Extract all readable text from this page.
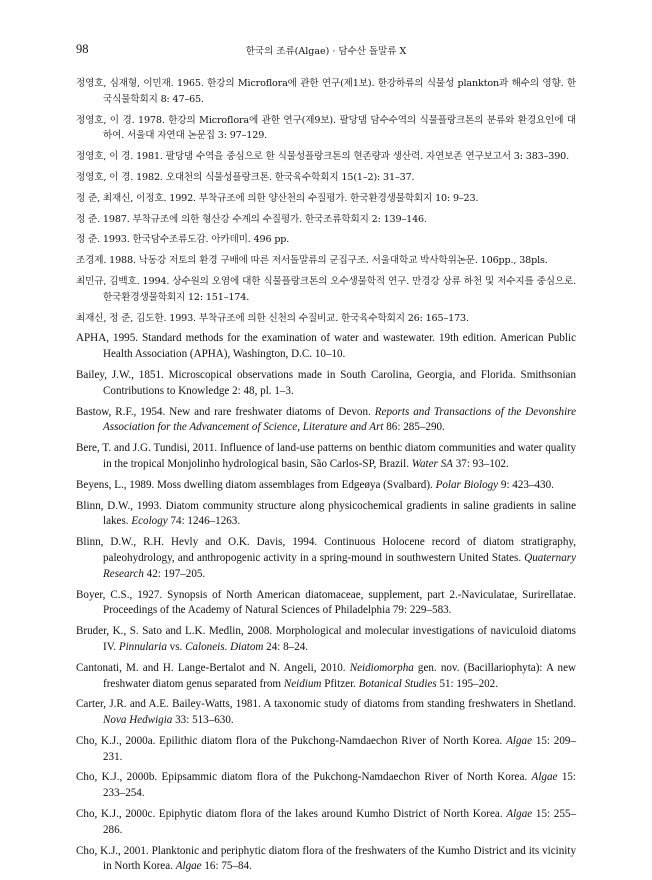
98	한국의 조류(Algae) · 담수산 돌말류 X

정영호, 심재형, 이민재. 1965. 한강의 Microflora에 관한 연구(제1보). 한강하류의 식물성 plankton과 해수의 영향. 한국식물학회지 8: 47–65.

정영호, 이 경. 1978. 한강의 Microflora에 관한 연구(제9보). 팔당댐 담수수역의 식물플랑크톤의 분류와 환경요인에 대하여. 서울대 자연대 논문집 3: 97–129.

정영호, 이 경. 1981. 팔당댐 수역을 중심으로 한 식물성플랑크톤의 현존량과 생산력. 자연보존 연구보고서 3: 383–390.

정영호, 이 경. 1982. 오대천의 식물성플랑크톤. 한국육수학회지 15(1–2): 31–37.

정 준, 최재신, 이정호. 1992. 부착규조에 의한 양산천의 수질평가. 한국환경생물학회지 10: 9–23.

정 준. 1987. 부착규조에 의한 형산강 수계의 수질평가. 한국조류학회지 2: 139–146.

정 준. 1993. 한국담수조류도감. 아카데미. 496 pp.

조경제. 1988. 낙동강 저토의 환경 구배에 따른 저서돌말류의 군집구조. 서울대학교 박사학위논문. 106pp., 38pls.

최민규, 김백호. 1994. 상수원의 오염에 대한 식물플랑크톤의 오수생물학적 연구. 만경강 상류 하천 및 저수지를 중심으로. 한국환경생물학회지 12: 151–174.

최재신, 정 준, 김도한. 1993. 부착규조에 의한 신천의 수질비교. 한국육수학회지 26: 165–173.

APHA, 1995. Standard methods for the examination of water and wastewater. 19th edition. American Public Health Association (APHA), Washington, D.C. 10–10.

Bailey, J.W., 1851. Microscopical observations made in South Carolina, Georgia, and Florida. Smithsonian Contributions to Knowledge 2: 48, pl. 1–3.

Bastow, R.F., 1954. New and rare freshwater diatoms of Devon. Reports and Transactions of the Devonshire Association for the Advancement of Science, Literature and Art 86: 285–290.

Bere, T. and J.G. Tundisi, 2011. Influence of land-use patterns on benthic diatom communities and water quality in the tropical Monjolinho hydrological basin, São Carlos-SP, Brazil. Water SA 37: 93–102.

Beyens, L., 1989. Moss dwelling diatom assemblages from Edgeøya (Svalbard). Polar Biology 9: 423–430.

Blinn, D.W., 1993. Diatom community structure along physicochemical gradients in saline gradients in saline lakes. Ecology 74: 1246–1263.

Blinn, D.W., R.H. Hevly and O.K. Davis, 1994. Continuous Holocene record of diatom stratigraphy, paleohydrology, and anthropogenic activity in a spring-mound in southwestern United States. Quaternary Research 42: 197–205.

Boyer, C.S., 1927. Synopsis of North American diatomaceae, supplement, part 2.-Naviculatae, Surirellatae. Proceedings of the Academy of Natural Sciences of Philadelphia 79: 229–583.

Bruder, K., S. Sato and L.K. Medlin, 2008. Morphological and molecular investigations of naviculoid diatoms IV. Pinnularia vs. Caloneis. Diatom 24: 8–24.

Cantonati, M. and H. Lange-Bertalot and N. Angeli, 2010. Neidiomorpha gen. nov. (Bacillariophyta): A new freshwater diatom genus separated from Neidium Pfitzer. Botanical Studies 51: 195–202.

Carter, J.R. and A.E. Bailey-Watts, 1981. A taxonomic study of diatoms from standing freshwaters in Shetland. Nova Hedwigia 33: 513–630.

Cho, K.J., 2000a. Epilithic diatom flora of the Pukchong-Namdaechon River of North Korea. Algae 15: 209–231.

Cho, K.J., 2000b. Epipsammic diatom flora of the Pukchong-Namdaechon River of North Korea. Algae 15: 233–254.

Cho, K.J., 2000c. Epiphytic diatom flora of the lakes around Kumho District of North Korea. Algae 15: 255–286.

Cho, K.J., 2001. Planktonic and periphytic diatom flora of the freshwaters of the Kumho District and its vicinity in North Korea. Algae 16: 75–84.
